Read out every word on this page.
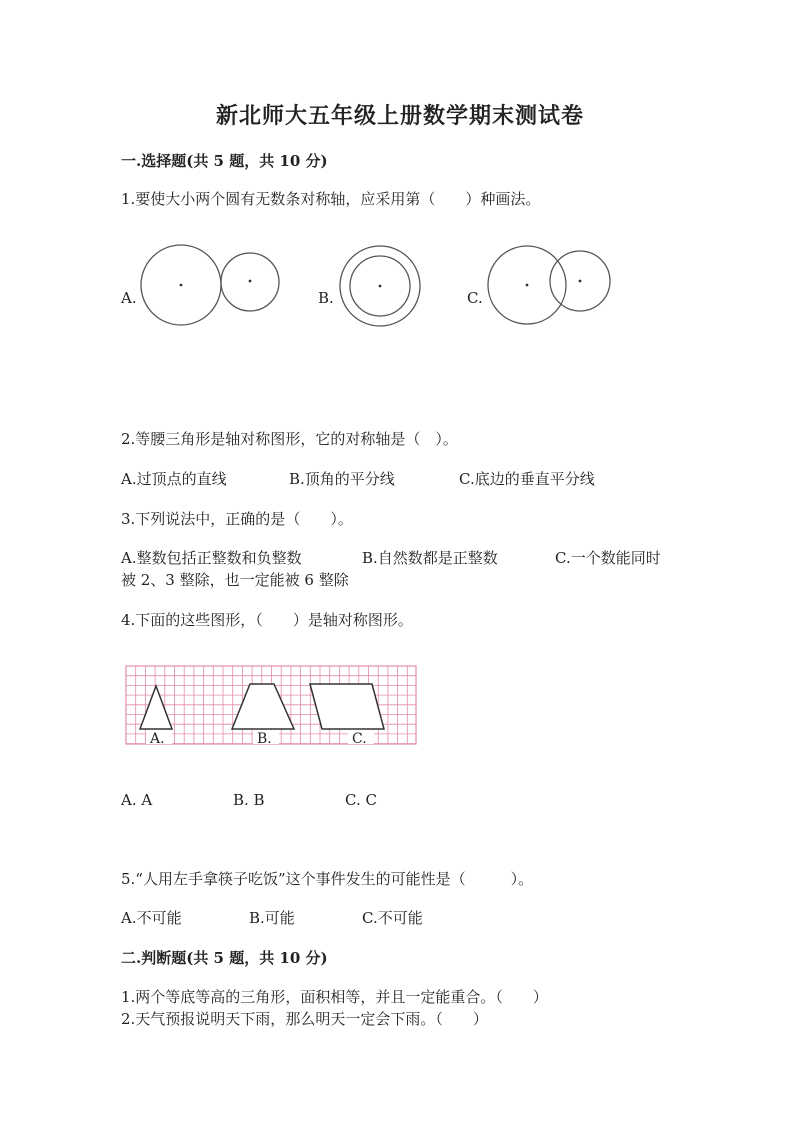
新北师大五年级上册数学期末测试卷
一.选择题(共 5 题，共 10 分)
1.要使大小两个圆有无数条对称轴，应采用第（　　）种画法。
A.	B.	C.
2.等腰三角形是轴对称图形，它的对称轴是（　）。
A.过顶点的直线	B.顶角的平分线	C.底边的垂直平分线
3.下列说法中，正确的是（　　）。
A.整数包括正整数和负整数	B.自然数都是正整数	C.一个数能同时
被 2、3 整除，也一定能被 6 整除
4.下面的这些图形，（　　）是轴对称图形。
A.	B.	C.
A. A	B. B	C. C
5.“人用左手拿筷子吃饭”这个事件发生的可能性是（　　　）。
A.不可能	B.可能	C.不可能
二.判断题(共 5 题，共 10 分)
1.两个等底等高的三角形，面积相等，并且一定能重合。（　　）
2.天气预报说明天下雨，那么明天一定会下雨。（　　）
